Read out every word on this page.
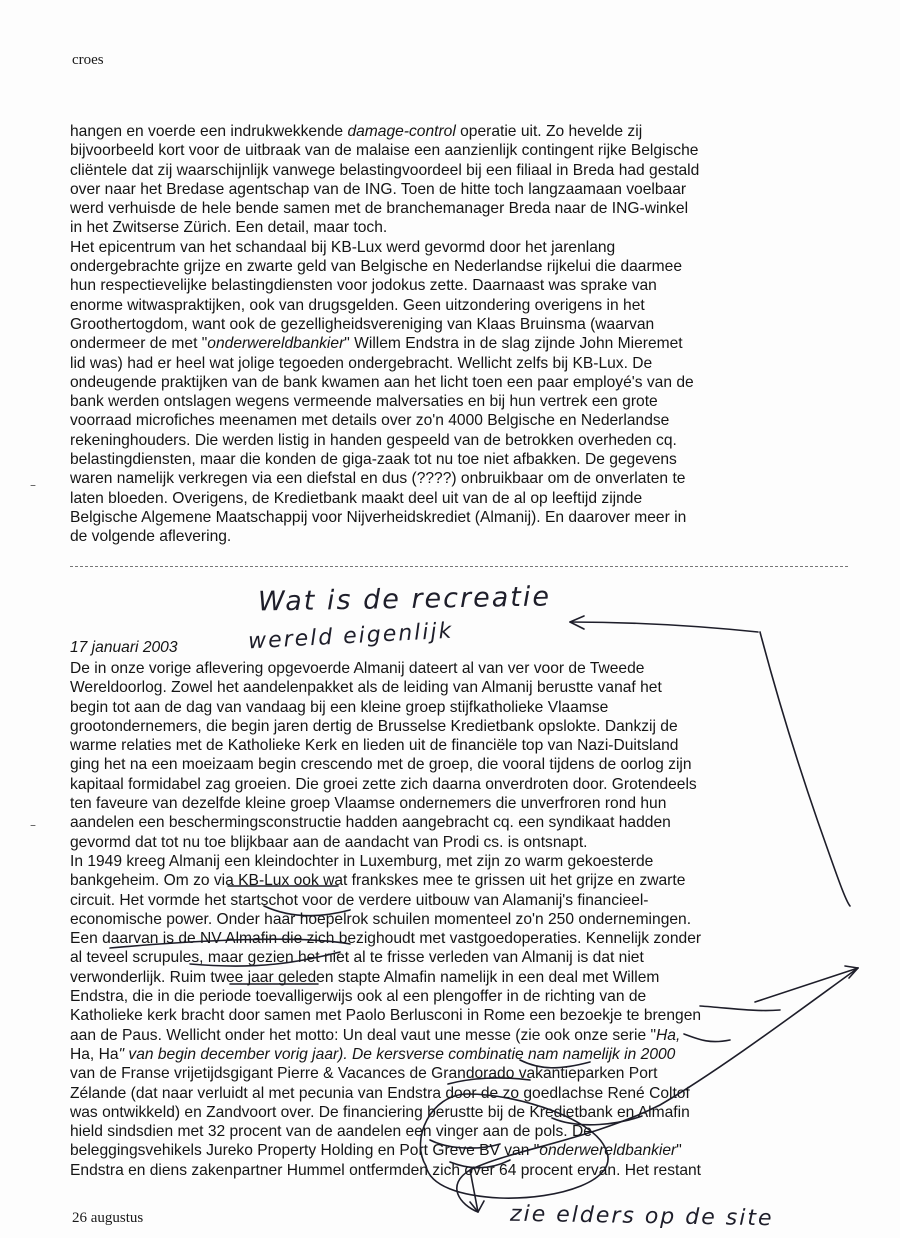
croes
hangen en voerde een indrukwekkende damage-control operatie uit. Zo hevelde zij
bijvoorbeeld kort voor de uitbraak van de malaise een aanzienlijk contingent rijke Belgische
cliëntele dat zij waarschijnlijk vanwege belastingvoordeel bij een filiaal in Breda had gestald
over naar het Bredase agentschap van de ING. Toen de hitte toch langzaamaan voelbaar
werd verhuisde de hele bende samen met de branchemanager Breda naar de ING-winkel
in het Zwitserse Zürich. Een detail, maar toch.
Het epicentrum van het schandaal bij KB-Lux werd gevormd door het jarenlang
ondergebrachte grijze en zwarte geld van Belgische en Nederlandse rijkelui die daarmee
hun respectievelijke belastingdiensten voor jodokus zette. Daarnaast was sprake van
enorme witwaspraktijken, ook van drugsgelden. Geen uitzondering overigens in het
Groothertogdom, want ook de gezelligheidsvereniging van Klaas Bruinsma (waarvan
ondermeer de met "onderwereldbankier" Willem Endstra in de slag zijnde John Mieremet
lid was) had er heel wat jolige tegoeden ondergebracht. Wellicht zelfs bij KB-Lux. De
ondeugende praktijken van de bank kwamen aan het licht toen een paar employé's van de
bank werden ontslagen wegens vermeende malversaties en bij hun vertrek een grote
voorraad microfiches meenamen met details over zo'n 4000 Belgische en Nederlandse
rekeninghouders. Die werden listig in handen gespeeld van de betrokken overheden cq.
belastingdiensten, maar die konden de giga-zaak tot nu toe niet afbakken. De gegevens
waren namelijk verkregen via een diefstal en dus (????) onbruikbaar om de onverlaten te
laten bloeden. Overigens, de Kredietbank maakt deel uit van de al op leeftijd zijnde
Belgische Algemene Maatschappij voor Nijverheidskrediet (Almanij). En daarover meer in
de volgende aflevering.
Wat is de recreatie
wereld eigenlijk
17 januari 2003
De in onze vorige aflevering opgevoerde Almanij dateert al van ver voor de Tweede
Wereldoorlog. Zowel het aandelenpakket als de leiding van Almanij berustte vanaf het
begin tot aan de dag van vandaag bij een kleine groep stijfkatholieke Vlaamse
grootondernemers, die begin jaren dertig de Brusselse Kredietbank opslokte. Dankzij de
warme relaties met de Katholieke Kerk en lieden uit de financiële top van Nazi-Duitsland
ging het na een moeizaam begin crescendo met de groep, die vooral tijdens de oorlog zijn
kapitaal formidabel zag groeien. Die groei zette zich daarna onverdroten door. Grotendeels
ten faveure van dezelfde kleine groep Vlaamse ondernemers die unverfroren rond hun
aandelen een beschermingsconstructie hadden aangebracht cq. een syndikaat hadden
gevormd dat tot nu toe blijkbaar aan de aandacht van Prodi cs. is ontsnapt.
In 1949 kreeg Almanij een kleindochter in Luxemburg, met zijn zo warm gekoesterde
bankgeheim. Om zo via KB-Lux ook wat frankskes mee te grissen uit het grijze en zwarte
circuit. Het vormde het startschot voor de verdere uitbouw van Alamanij's financieel-
economische power. Onder haar hoepelrok schuilen momenteel zo'n 250 ondernemingen.
Een daarvan is de NV Almafin die zich bezighoudt met vastgoedoperaties. Kennelijk zonder
al teveel scrupules, maar gezien het niet al te frisse verleden van Almanij is dat niet
verwonderlijk. Ruim twee jaar geleden stapte Almafin namelijk in een deal met Willem
Endstra, die in die periode toevalligerwijs ook al een plengoffer in de richting van de
Katholieke kerk bracht door samen met Paolo Berlusconi in Rome een bezoekje te brengen
aan de Paus. Wellicht onder het motto: Un deal vaut une messe (zie ook onze serie "Ha,
Ha, Ha" van begin december vorig jaar). De kersverse combinatie nam namelijk in 2000
van de Franse vrijetijdsgigant Pierre & Vacances de Grandorado vakantieparken Port
Zélande (dat naar verluidt al met pecunia van Endstra door de zo goedlachse René Coltof
was ontwikkeld) en Zandvoort over. De financiering berustte bij de Kredietbank en Almafin
hield sindsdien met 32 procent van de aandelen een vinger aan de pols. De
beleggingsvehikels Jureko Property Holding en Port Greve BV van "onderwereldbankier"
Endstra en diens zakenpartner Hummel ontfermden zich over 64 procent ervan. Het restant
zie elders op de site
26 augustus
–
–
